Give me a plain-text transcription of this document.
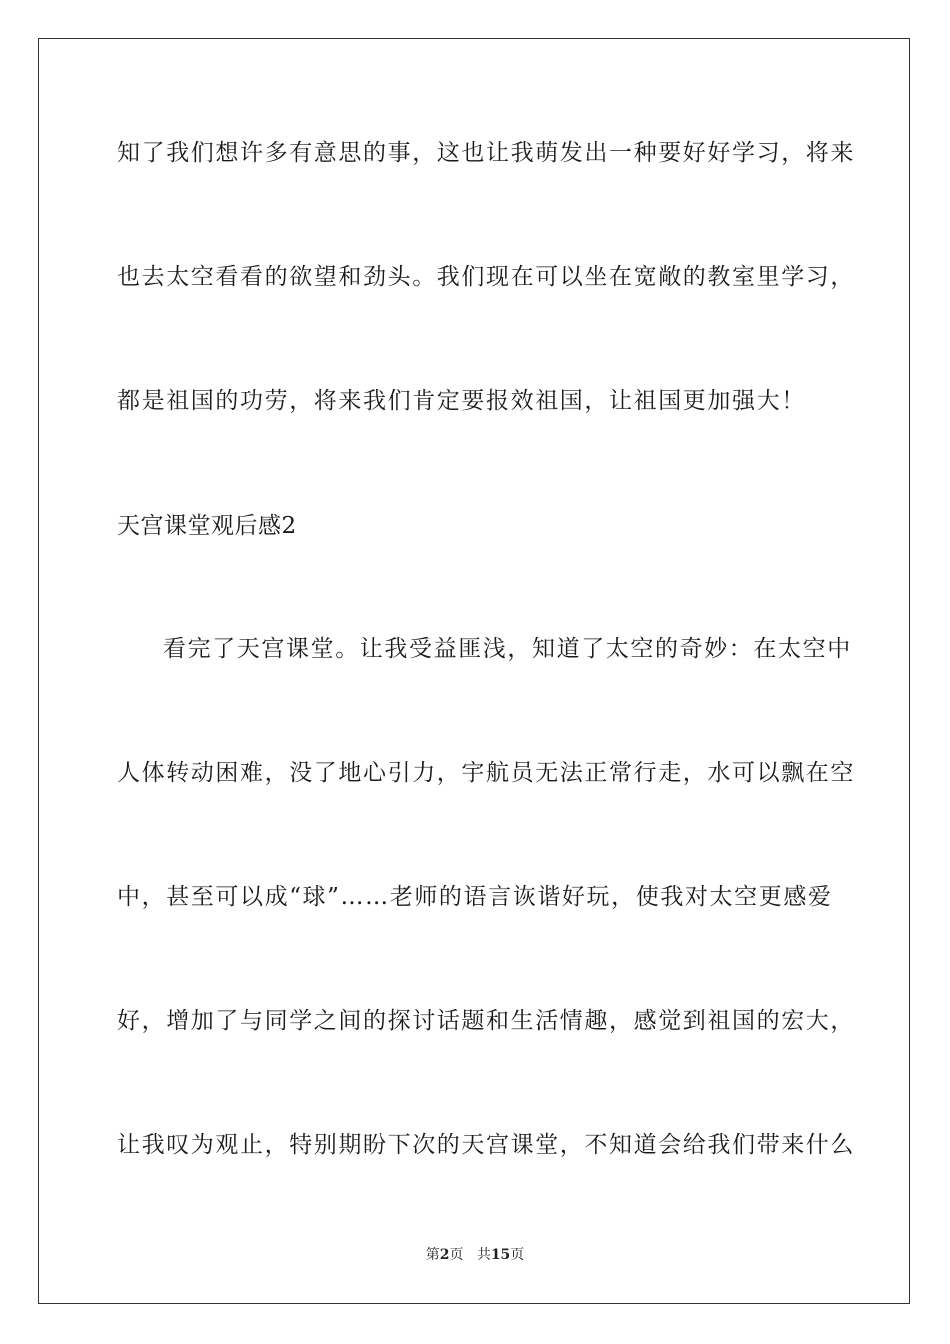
知了我们想许多有意思的事，这也让我萌发出一种要好好学习，将来
也去太空看看的欲望和劲头。我们现在可以坐在宽敞的教室里学习，
都是祖国的功劳，将来我们肯定要报效祖国，让祖国更加强大！
天宫课堂观后感2
看完了天宫课堂。让我受益匪浅，知道了太空的奇妙：在太空中
人体转动困难，没了地心引力，宇航员无法正常行走，水可以飘在空
中，甚至可以成“球”……老师的语言诙谐好玩，使我对太空更感爱
好，增加了与同学之间的探讨话题和生活情趣，感觉到祖国的宏大，
让我叹为观止，特别期盼下次的天宫课堂，不知道会给我们带来什么
第2页 共15页
